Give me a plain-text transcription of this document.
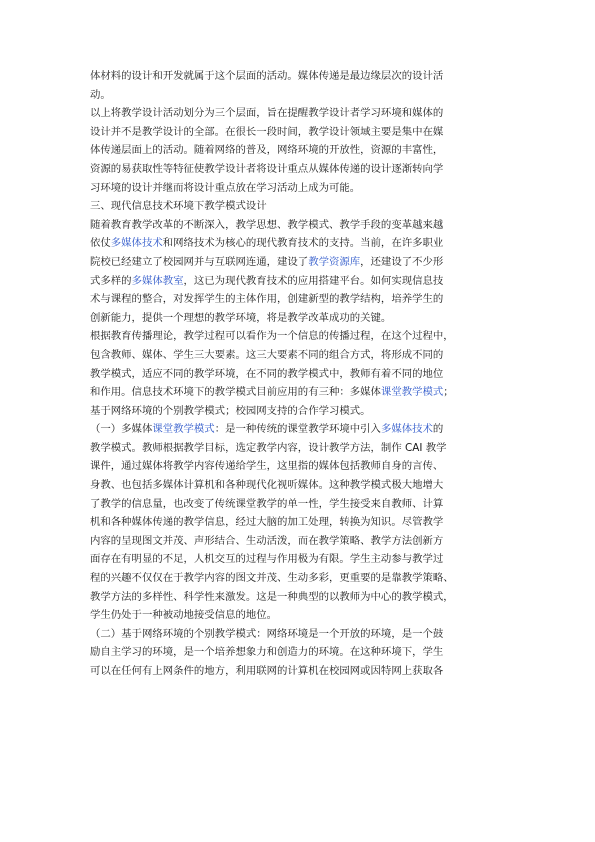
体材料的设计和开发就属于这个层面的活动。媒体传递是最边缘层次的设计活
动。
以上将教学设计活动划分为三个层面，旨在提醒教学设计者学习环境和媒体的
设计并不是教学设计的全部。在很长一段时间，教学设计领域主要是集中在媒
体传递层面上的活动。随着网络的普及，网络环境的开放性，资源的丰富性，
资源的易获取性等特征使教学设计者将设计重点从媒体传递的设计逐渐转向学
习环境的设计并继而将设计重点放在学习活动上成为可能。
三、现代信息技术环境下教学模式设计
随着教育教学改革的不断深入，教学思想、教学模式、教学手段的变革越来越
依仗多媒体技术和网络技术为核心的现代教育技术的支持。当前，在许多职业
院校已经建立了校园网并与互联网连通，建设了教学资源库，还建设了不少形
式多样的多媒体教室，这已为现代教育技术的应用搭建平台。如何实现信息技
术与课程的整合，对发挥学生的主体作用，创建新型的教学结构，培养学生的
创新能力，提供一个理想的教学环境，将是教学改革成功的关键。
根据教育传播理论，教学过程可以看作为一个信息的传播过程，在这个过程中，
包含教师、媒体、学生三大要素。这三大要素不同的组合方式，将形成不同的
教学模式，适应不同的教学环境，在不同的教学模式中，教师有着不同的地位
和作用。信息技术环境下的教学模式目前应用的有三种：多媒体课堂教学模式；
基于网络环境的个别教学模式；校园网支持的合作学习模式。
（一）多媒体课堂教学模式：是一种传统的课堂教学环境中引入多媒体技术的
教学模式。教师根据教学目标，选定教学内容，设计教学方法，制作 CAI 教学
课件，通过媒体将教学内容传递给学生，这里指的媒体包括教师自身的言传、
身教、也包括多媒体计算机和各种现代化视听媒体。这种教学模式极大地增大
了教学的信息量，也改变了传统课堂教学的单一性，学生接受来自教师、计算
机和各种媒体传递的教学信息，经过大脑的加工处理，转换为知识。尽管教学
内容的呈现图文并茂、声形结合、生动活泼，而在教学策略、教学方法创新方
面存在有明显的不足，人机交互的过程与作用极为有限。学生主动参与教学过
程的兴趣不仅仅在于教学内容的图文并茂、生动多彩，更重要的是靠教学策略、
教学方法的多样性、科学性来激发。这是一种典型的以教师为中心的教学模式，
学生仍处于一种被动地接受信息的地位。
（二）基于网络环境的个别教学模式：网络环境是一个开放的环境，是一个鼓
励自主学习的环境，是一个培养想象力和创造力的环境。在这种环境下，学生
可以在任何有上网条件的地方，利用联网的计算机在校园网或因特网上获取各
